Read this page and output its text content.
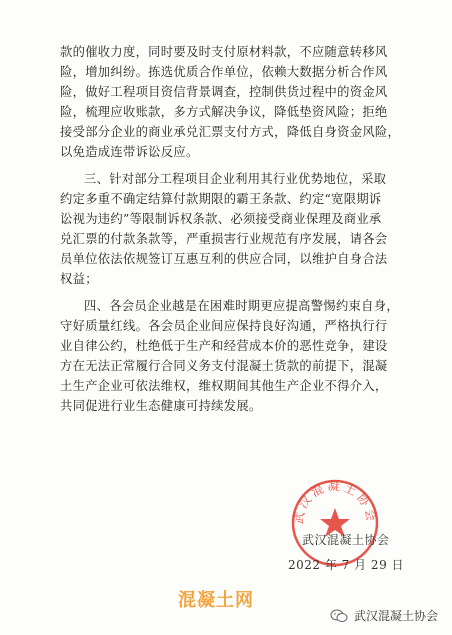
款的催收力度，同时要及时支付原材料款，不应随意转移风
险，增加纠纷。拣选优质合作单位，依赖大数据分析合作风
险，做好工程项目资信背景调查，控制供货过程中的资金风
险，梳理应收账款，多方式解决争议，降低垫资风险；拒绝
接受部分企业的商业承兑汇票支付方式，降低自身资金风险，
以免造成连带诉讼反应。
三、针对部分工程项目企业利用其行业优势地位，采取
约定多重不确定结算付款期限的霸王条款、约定“宽限期诉
讼视为违约”等限制诉权条款、必须接受商业保理及商业承
兑汇票的付款条款等，严重损害行业规范有序发展，请各会
员单位依法依规签订互惠互利的供应合同，以维护自身合法
权益；
四、各会员企业越是在困难时期更应提高警惕约束自身，
守好质量红线。各会员企业间应保持良好沟通，严格执行行
业自律公约，杜绝低于生产和经营成本价的恶性竞争，建设
方在无法正常履行合同义务支付混凝土货款的前提下，混凝
土生产企业可依法维权，维权期间其他生产企业不得介入，
共同促进行业生态健康可持续发展。
武汉混凝土协会
武汉混凝土协会
2022 年 7 月 29 日
混凝土网
武汉混凝土协会
